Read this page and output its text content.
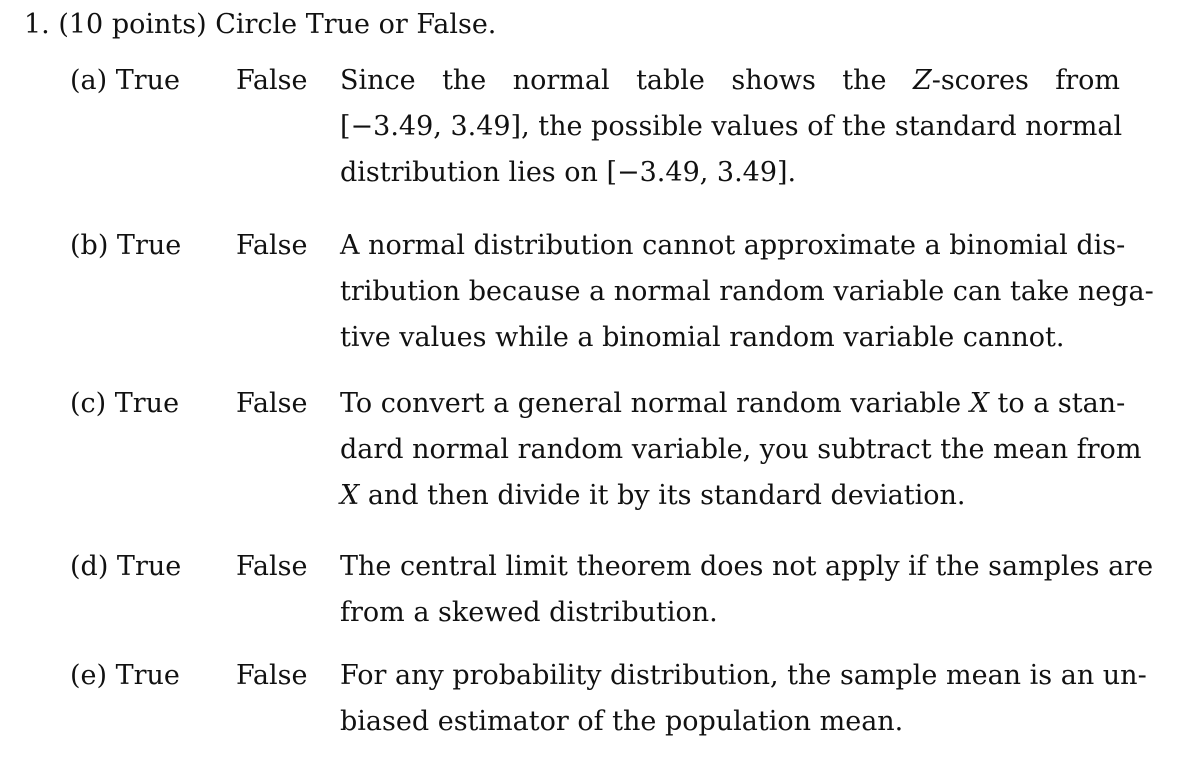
1. (10 points) Circle True or False.
(a) True False Since the normal table shows the Z-scores from
[−3.49, 3.49], the possible values of the standard normal
distribution lies on [−3.49, 3.49].
(b) True False A normal distribution cannot approximate a binomial dis-
tribution because a normal random variable can take nega-
tive values while a binomial random variable cannot.
(c) True False To convert a general normal random variable X to a stan-
dard normal random variable, you subtract the mean from
X and then divide it by its standard deviation.
(d) True False The central limit theorem does not apply if the samples are
from a skewed distribution.
(e) True False For any probability distribution, the sample mean is an un-
biased estimator of the population mean.
